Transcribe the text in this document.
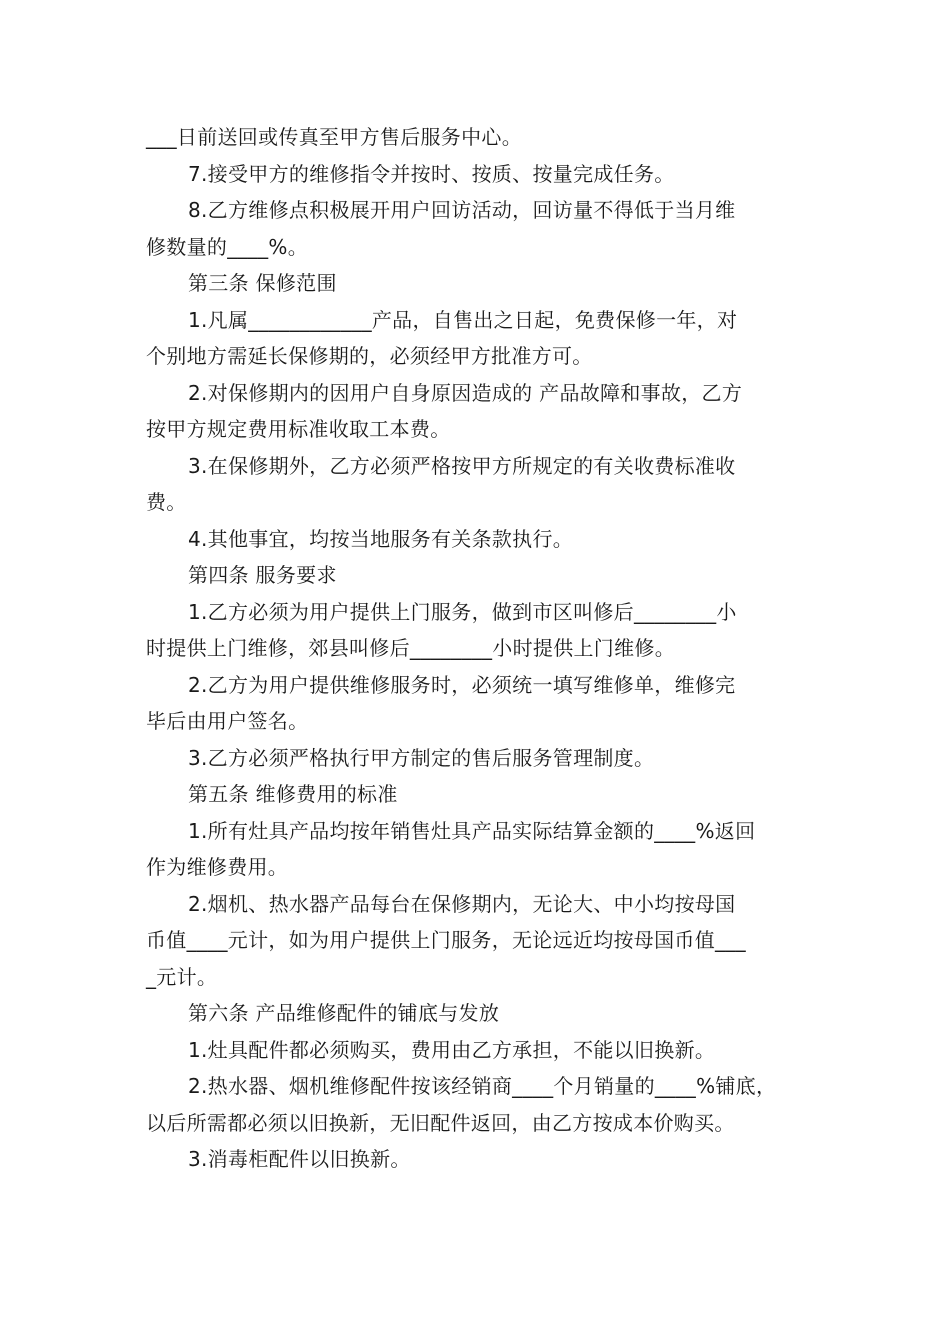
___日前送回或传真至甲方售后服务中心。
7.接受甲方的维修指令并按时、按质、按量完成任务。
8.乙方维修点积极展开用户回访活动，回访量不得低于当月维
修数量的____%。
第三条 保修范围
1.凡属____________产品，自售出之日起，免费保修一年，对
个别地方需延长保修期的，必须经甲方批准方可。
2.对保修期内的因用户自身原因造成的 产品故障和事故，乙方
按甲方规定费用标准收取工本费。
3.在保修期外，乙方必须严格按甲方所规定的有关收费标准收
费。
4.其他事宜，均按当地服务有关条款执行。
第四条 服务要求
1.乙方必须为用户提供上门服务，做到市区叫修后________小
时提供上门维修，郊县叫修后________小时提供上门维修。
2.乙方为用户提供维修服务时，必须统一填写维修单，维修完
毕后由用户签名。
3.乙方必须严格执行甲方制定的售后服务管理制度。
第五条 维修费用的标准
1.所有灶具产品均按年销售灶具产品实际结算金额的____%返回
作为维修费用。
2.烟机、热水器产品每台在保修期内，无论大、中小均按母国
币值____元计，如为用户提供上门服务，无论远近均按母国币值___
_元计。
第六条 产品维修配件的铺底与发放
1.灶具配件都必须购买，费用由乙方承担，不能以旧换新。
2.热水器、烟机维修配件按该经销商____个月销量的____%铺底，
以后所需都必须以旧换新，无旧配件返回，由乙方按成本价购买。
3.消毒柜配件以旧换新。
